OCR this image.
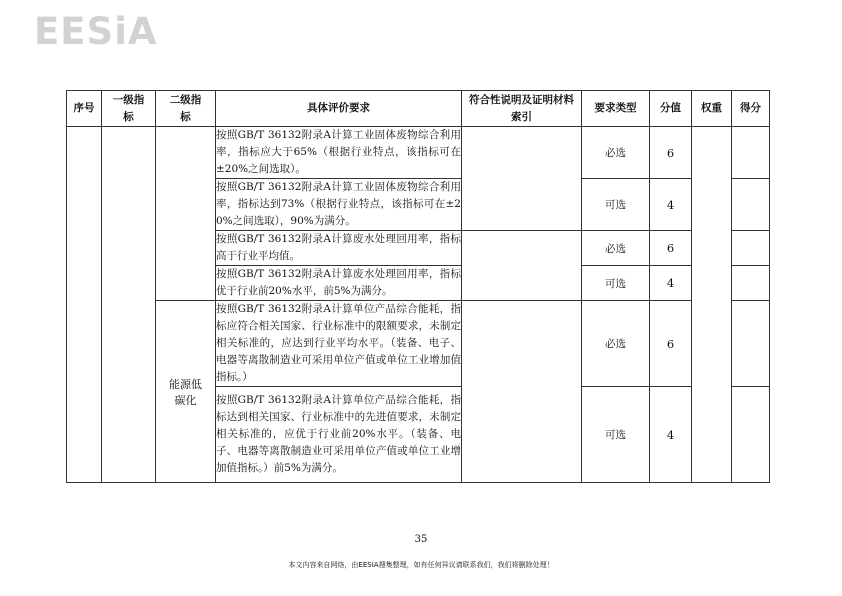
EESiA
序号	一级指标	二级指标	具体评价要求	符合性说明及证明材料索引	要求类型	分值	权重	得分
			按照GB/T 36132附录A计算工业固体废物综合利用率，指标应大于65%（根据行业特点，该指标可在±20%之间选取）。		必选	6		
			按照GB/T 36132附录A计算工业固体废物综合利用率，指标达到73%（根据行业特点，该指标可在±20%之间选取），90%为满分。		可选	4		
			按照GB/T 36132附录A计算废水处理回用率，指标高于行业平均值。		必选	6		
			按照GB/T 36132附录A计算废水处理回用率，指标优于行业前20%水平，前5%为满分。		可选	4		
		能源低碳化	按照GB/T 36132附录A计算单位产品综合能耗，指标应符合相关国家、行业标准中的限额要求，未制定相关标准的，应达到行业平均水平。（装备、电子、电器等离散制造业可采用单位产值或单位工业增加值指标。）		必选	6		
			按照GB/T 36132附录A计算单位产品综合能耗，指标达到相关国家、行业标准中的先进值要求，未制定相关标准的，应优于行业前20%水平。（装备、电子、电器等离散制造业可采用单位产值或单位工业增加值指标。）前5%为满分。		可选	4		
35
本文内容来自网络，由EESIA搜集整理，如有任何异议请联系我们，我们将删除处理！
